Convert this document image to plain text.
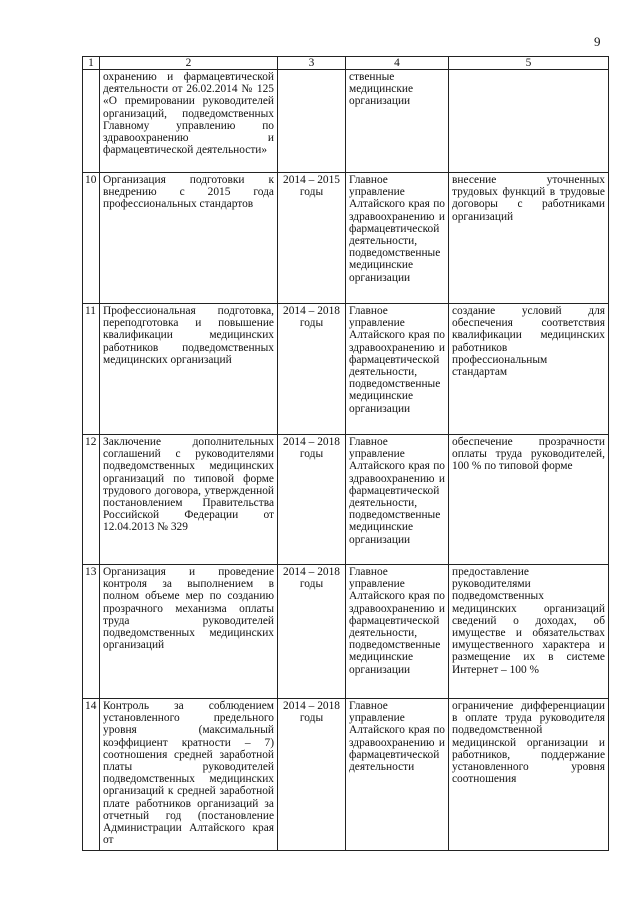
9
1	2	3	4	5
	охранению и фармацевтической деятельности от 26.02.2014 № 125 «О премировании руководителей организаций, подведомственных Главному управлению по здравоохранению и фармацевтической деятельности»		ственные медицинские организации	
10	Организация подготовки к внедрению с 2015 года профессиональных стандартов	2014 – 2015 годы	Главное управление Алтайского края по здравоохранению и фармацевтической деятельности, подведомственные медицинские организации	внесение уточненных трудовых функций в трудовые договоры с работниками организаций
11	Профессиональная подготовка, переподготовка и повышение квалификации медицинских работников подведомственных медицинских организаций	2014 – 2018 годы	Главное управление Алтайского края по здравоохранению и фармацевтической деятельности, подведомственные медицинские организации	создание условий для обеспечения соответствия квалификации медицинских работников профессиональным стандартам
12	Заключение дополнительных соглашений с руководителями подведомственных медицинских организаций по типовой форме трудового договора, утвержденной постановлением Правительства Российской Федерации от 12.04.2013 № 329	2014 – 2018 годы	Главное управление Алтайского края по здравоохранению и фармацевтической деятельности, подведомственные медицинские организации	обеспечение прозрачности оплаты труда руководителей, 100 % по типовой форме
13	Организация и проведение контроля за выполнением в полном объеме мер по созданию прозрачного механизма оплаты труда руководителей подведомственных медицинских организаций	2014 – 2018 годы	Главное управление Алтайского края по здравоохранению и фармацевтической деятельности, подведомственные медицинские организации	предоставление руководителями подведомственных медицинских организаций сведений о доходах, об имуществе и обязательствах имущественного характера и размещение их в системе Интернет – 100 %
14	Контроль за соблюдением установленного предельного уровня (максимальный коэффициент кратности – 7) соотношения средней заработной платы руководителей подведомственных медицинских организаций к средней заработной плате работников организаций за отчетный год (постановление Администрации Алтайского края от	2014 – 2018 годы	Главное управление Алтайского края по здравоохранению и фармацевтической деятельности	ограничение дифференциации в оплате труда руководителя подведомственной медицинской организации и работников, поддержание установленного уровня соотношения
